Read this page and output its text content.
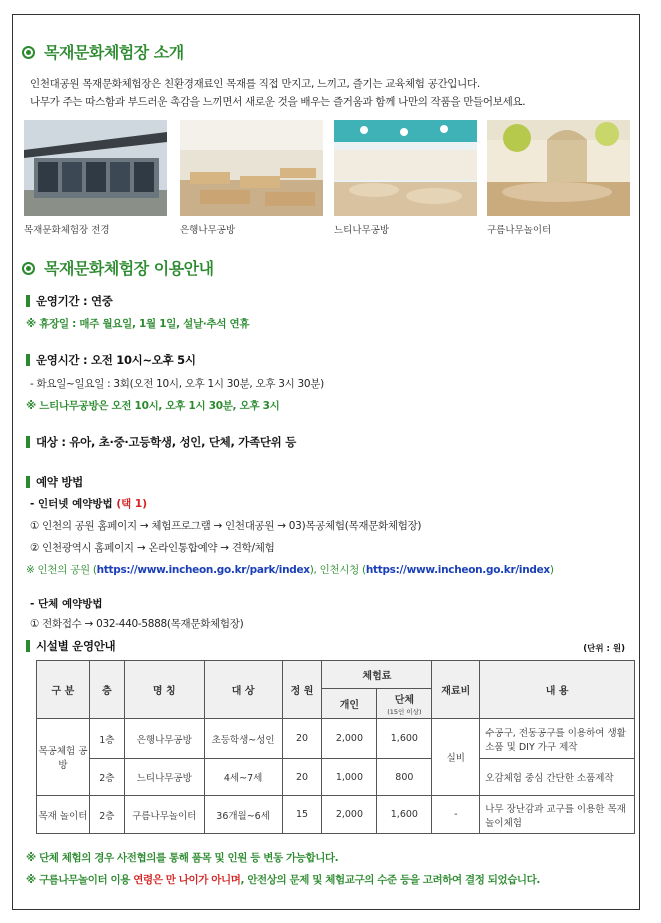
목재문화체험장 소개
인천대공원 목재문화체험장은 친환경재료인 목재를 직접 만지고, 느끼고, 즐기는 교육체험 공간입니다.
나무가 주는 따스함과 부드러운 촉감을 느끼면서 새로운 것을 배우는 즐거움과 함께 나만의 작품을 만들어보세요.
목재문화체험장 전경	은행나무공방	느티나무공방	구름나무놀이터
목재문화체험장 이용안내
운영기간 : 연중
※ 휴장일 : 매주 월요일, 1월 1일, 설날·추석 연휴
운영시간 : 오전 10시~오후 5시
- 화요일~일요일 : 3회(오전 10시, 오후 1시 30분, 오후 3시 30분)
※ 느티나무공방은 오전 10시, 오후 1시 30분, 오후 3시
대상 : 유아, 초·중·고등학생, 성인, 단체, 가족단위 등
예약 방법
- 인터넷 예약방법 (택 1)
① 인천의 공원 홈페이지 → 체험프로그램 → 인천대공원 → 03)목공체험(목재문화체험장)
② 인천광역시 홈페이지 → 온라인통합예약 → 견학/체험
※ 인천의 공원 (https://www.incheon.go.kr/park/index), 인천시청 (https://www.incheon.go.kr/index)
- 단체 예약방법
① 전화접수 → 032-440-5888(목재문화체험장)
시설별 운영안내	(단위 : 원)
구 분	층	명 칭	대 상	정 원	체험료		재료비	내 용
					개인	단체
(15인 이상)		
목공체험 공방	1층	은행나무공방	초등학생~성인	20	2,000	1,600	실비	수공구, 전동공구를 이용하여 생활소품 및 DIY 가구 제작
	2층	느티나무공방	4세~7세	20	1,000	800		오감체험 중심 간단한 소품제작
목재 놀이터	2층	구름나무놀이터	36개월~6세	15	2,000	1,600	-	나무 장난감과 교구를 이용한 목재놀이체험
※ 단체 체험의 경우 사전협의를 통해 품목 및 인원 등 변동 가능합니다.
※ 구름나무놀이터 이용 연령은 만 나이가 아니며, 안전상의 문제 및 체험교구의 수준 등을 고려하여 결정 되었습니다.
